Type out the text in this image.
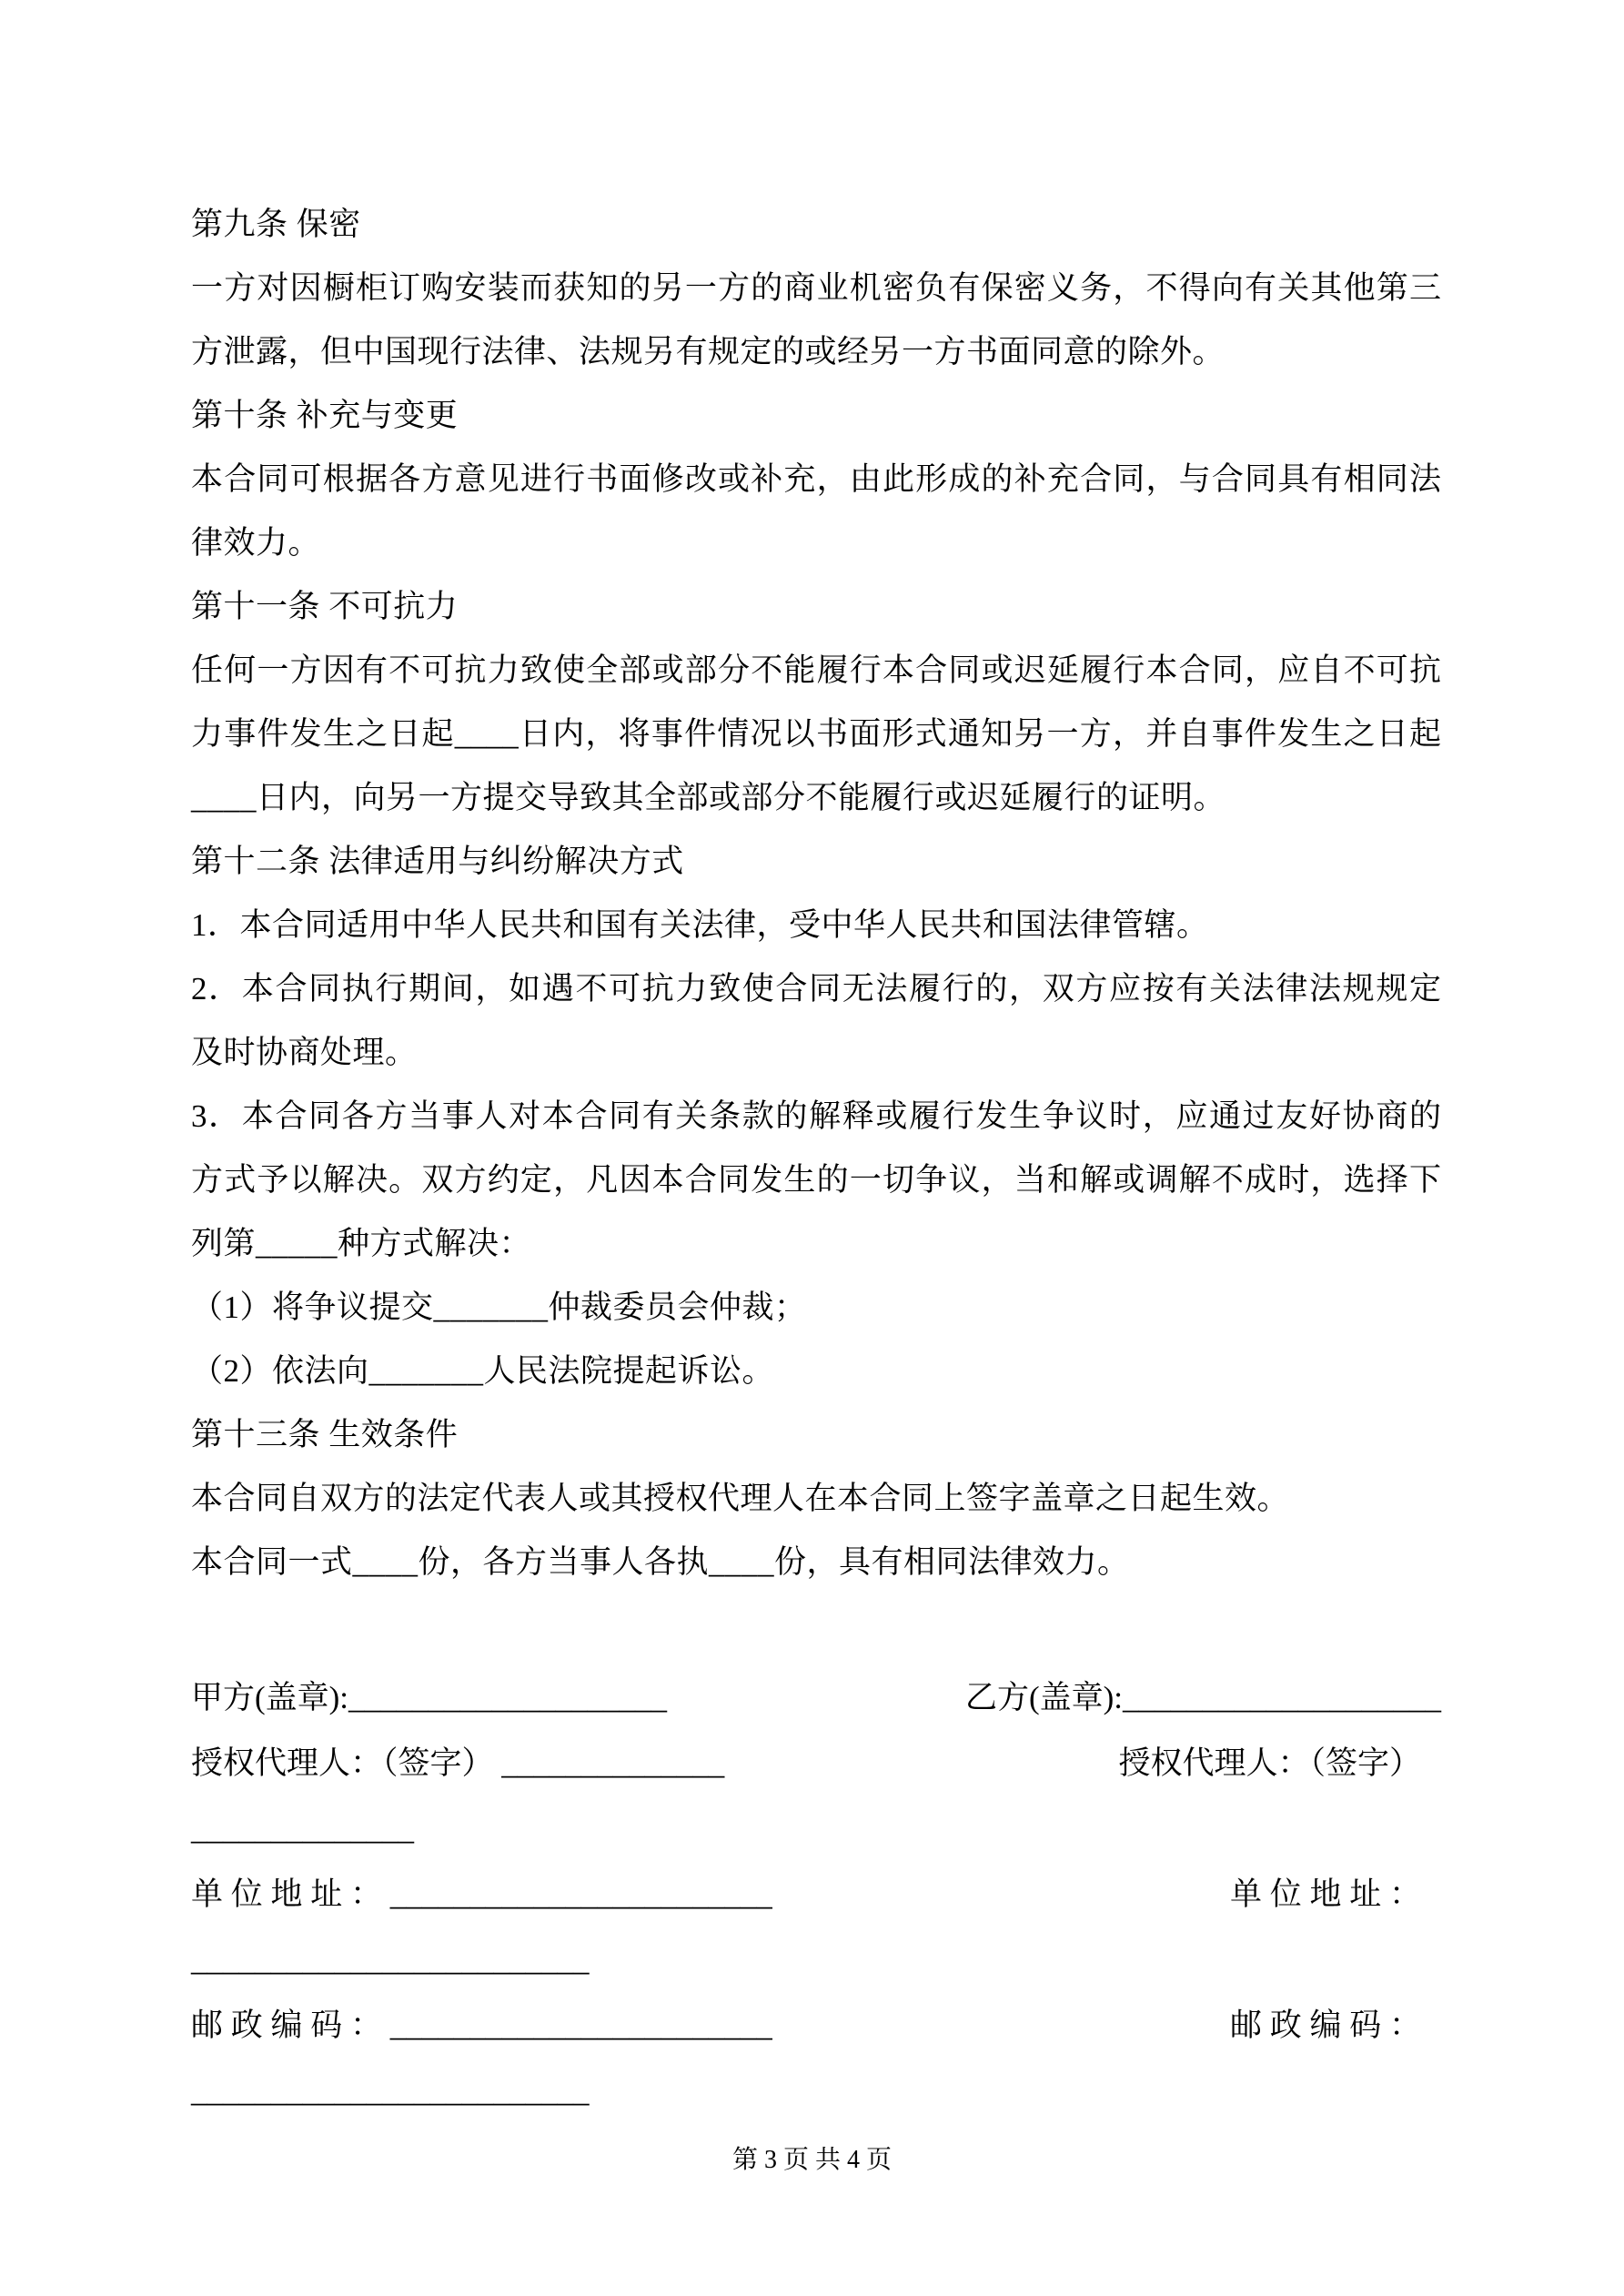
第九条 保密
一方对因橱柜订购安装而获知的另一方的商业机密负有保密义务，不得向有关其他第三
方泄露，但中国现行法律、法规另有规定的或经另一方书面同意的除外。
第十条 补充与变更
本合同可根据各方意见进行书面修改或补充，由此形成的补充合同，与合同具有相同法
律效力。
第十一条 不可抗力
任何一方因有不可抗力致使全部或部分不能履行本合同或迟延履行本合同，应自不可抗
力事件发生之日起____日内，将事件情况以书面形式通知另一方，并自事件发生之日起
____日内，向另一方提交导致其全部或部分不能履行或迟延履行的证明。
第十二条 法律适用与纠纷解决方式
1．本合同适用中华人民共和国有关法律，受中华人民共和国法律管辖。
2．本合同执行期间，如遇不可抗力致使合同无法履行的，双方应按有关法律法规规定
及时协商处理。
3．本合同各方当事人对本合同有关条款的解释或履行发生争议时，应通过友好协商的
方式予以解决。双方约定，凡因本合同发生的一切争议，当和解或调解不成时，选择下
列第_____种方式解决：
（1）将争议提交_______仲裁委员会仲裁；
（2）依法向_______人民法院提起诉讼。
第十三条 生效条件
本合同自双方的法定代表人或其授权代理人在本合同上签字盖章之日起生效。
本合同一式____份，各方当事人各执____份，具有相同法律效力。
甲方(盖章):____________________	乙方(盖章):____________________
授权代理人：（签字） ______________	授权代理人：（签字）
______________
单 位 地 址 ： ________________________	单 位 地 址 ：
_________________________
邮 政 编 码 ： ________________________	邮 政 编 码 ：
_________________________
第 3 页 共 4 页
